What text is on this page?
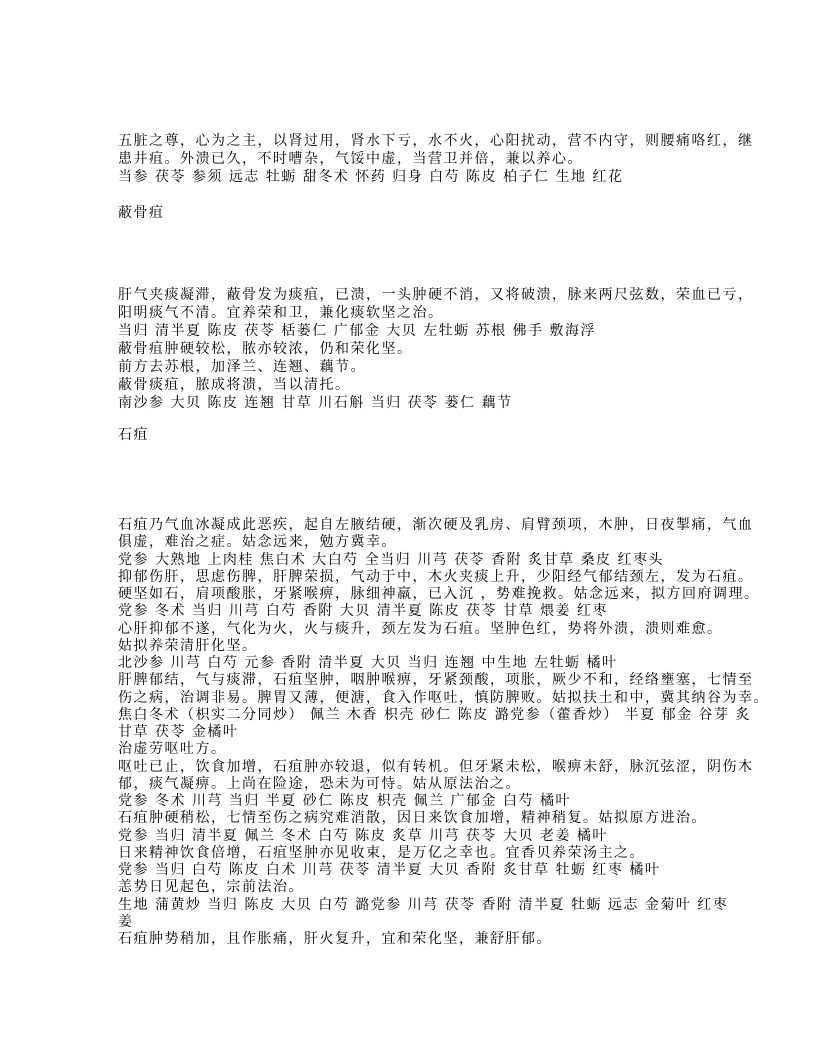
五脏之尊，心为之主，以肾过用，肾水下亏，水不火，心阳扰动，营不内守，则腰痛咯红，继
患井疽。外溃已久，不时嘈杂，气馁中虚，当营卫并倍，兼以养心。
当参 茯苓 参须 远志 牡蛎 甜冬术 怀药 归身 白芍 陈皮 柏子仁 生地 红花
蔽骨疽
肝气夹痰凝滞，蔽骨发为痰疽，已溃，一头肿硬不消，又将破溃，脉来两尺弦数，荣血已亏，
阳明痰气不清。宜养荣和卫，兼化痰软坚之治。
当归 清半夏 陈皮 茯苓 栝蒌仁 广郁金 大贝 左牡蛎 苏根 佛手 敷海浮
蔽骨疽肿硬较松，脓亦较浓，仍和荣化坚。
前方去苏根，加泽兰、连翘、藕节。
蔽骨痰疽，脓成将溃，当以清托。
南沙参 大贝 陈皮 连翘 甘草 川石斛 当归 茯苓 蒌仁 藕节
石疽
石疽乃气血冰凝成此恶疾，起自左腋结硬，渐次硬及乳房、肩臂颈项，木肿，日夜掣痛，气血
俱虚，难治之症。姑念远来，勉方冀幸。
党参 大熟地 上肉桂 焦白术 大白芍 全当归 川芎 茯苓 香附 炙甘草 桑皮 红枣头
抑郁伤肝，思虑伤脾，肝脾荣损，气动于中，木火夹痰上升，少阳经气郁结颈左，发为石疽。
硬坚如石，肩项酸胀，牙紧喉痹，脉细神羸，已入沉 ，势难挽救。姑念远来，拟方回府调理。
党参 冬术 当归 川芎 白芍 香附 大贝 清半夏 陈皮 茯苓 甘草 煨姜 红枣
心肝抑郁不遂，气化为火，火与痰升，颈左发为石疽。坚肿色红，势将外溃，溃则难愈。
姑拟养荣清肝化坚。
北沙参 川芎 白芍 元参 香附 清半夏 大贝 当归 连翘 中生地 左牡蛎 橘叶
肝脾郁结，气与痰滞，石疽坚肿，咽肿喉痹，牙紧颈酸，项胀，厥少不和，经络壅塞，七情至
伤之病，治调非易。脾胃又薄，便溏，食入作呕吐，慎防脾败。姑拟扶土和中，冀其纳谷为幸。
焦白冬术（枳实二分同炒） 佩兰 木香 枳壳 砂仁 陈皮 潞党参（藿香炒） 半夏 郁金 谷芽 炙
甘草 茯苓 金橘叶
治虚劳呕吐方。
呕吐已止，饮食加增，石疽肿亦较退，似有转机。但牙紧未松，喉痹未舒，脉沉弦涩，阴伤木
郁，痰气凝痹。上尚在险途，恐未为可恃。姑从原法治之。
党参 冬术 川芎 当归 半夏 砂仁 陈皮 枳壳 佩兰 广郁金 白芍 橘叶
石疽肿硬稍松，七情至伤之病究难消散，因日来饮食加增，精神稍复。姑拟原方进治。
党参 当归 清半夏 佩兰 冬术 白芍 陈皮 炙草 川芎 茯苓 大贝 老姜 橘叶
日来精神饮食倍增，石疽坚肿亦见收束，是万亿之幸也。宜香贝养荣汤主之。
党参 当归 白芍 陈皮 白术 川芎 茯苓 清半夏 大贝 香附 炙甘草 牡蛎 红枣 橘叶
恙势日见起色，宗前法治。
生地 蒲黄炒 当归 陈皮 大贝 白芍 潞党参 川芎 茯苓 香附 清半夏 牡蛎 远志 金菊叶 红枣
姜
石疽肿势稍加，且作胀痛，肝火复升，宜和荣化坚，兼舒肝郁。
